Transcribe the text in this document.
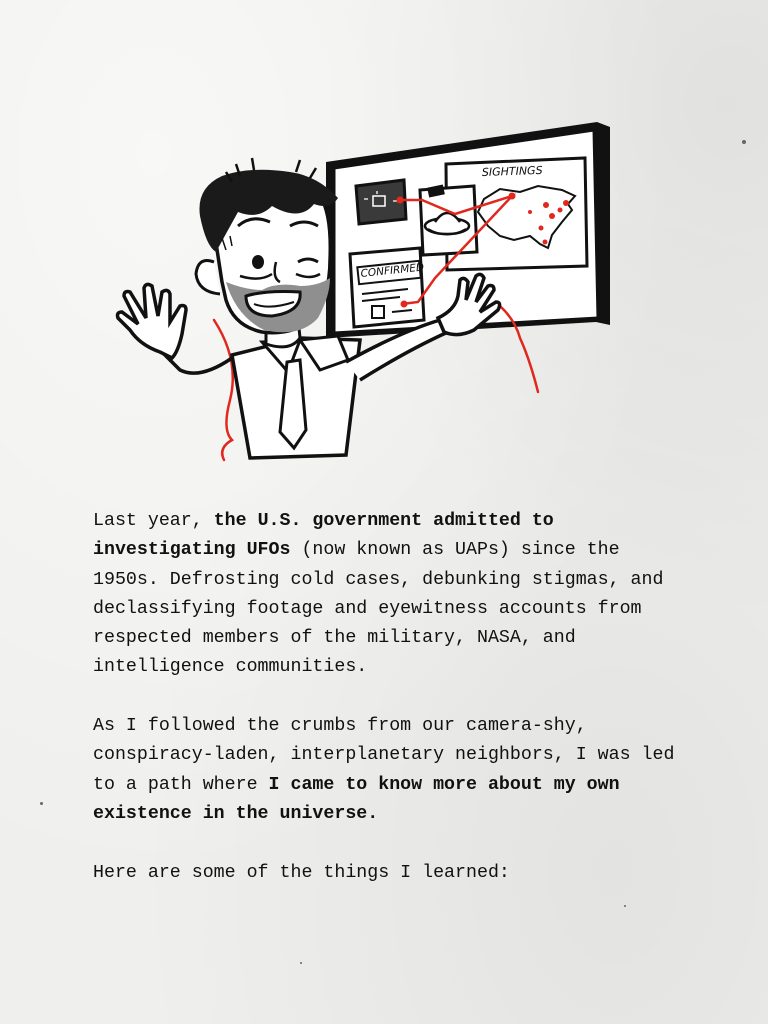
SIGHTINGS
CONFIRMED

Last year, the U.S. government admitted to investigating UFOs (now known as UAPs) since the 1950s. Defrosting cold cases, debunking stigmas, and declassifying footage and eyewitness accounts from respected members of the military, NASA, and intelligence communities.

As I followed the crumbs from our camera-shy, conspiracy-laden, interplanetary neighbors, I was led to a path where I came to know more about my own existence in the universe.

Here are some of the things I learned:
